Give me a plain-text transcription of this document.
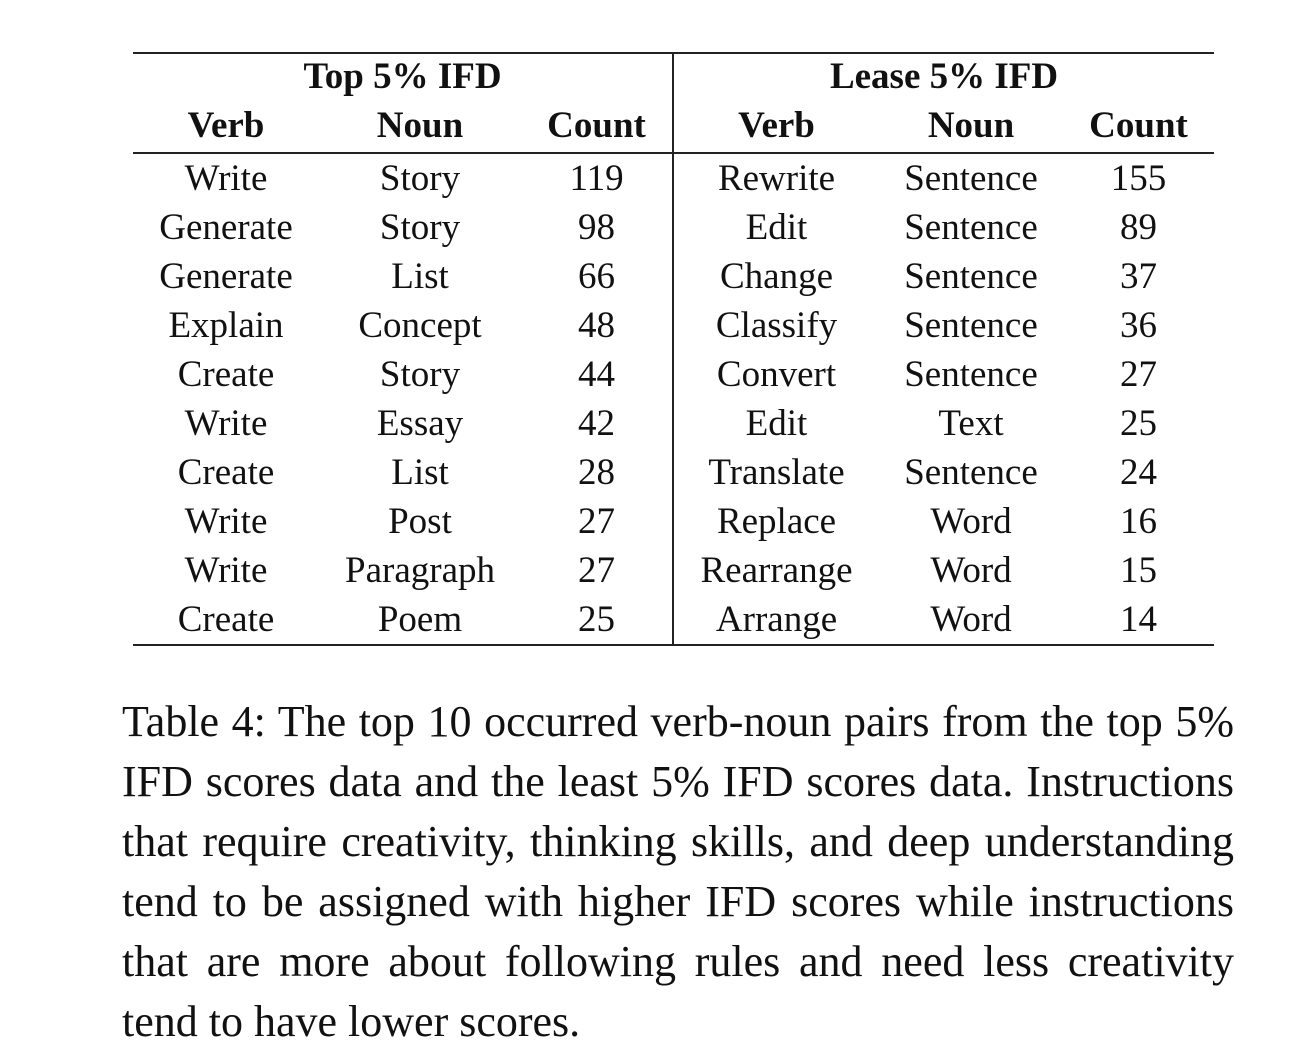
Top 5% IFD			Lease 5% IFD		
Verb	Noun	Count	Verb	Noun	Count
Write	Story	119	Rewrite	Sentence	155
Generate	Story	98	Edit	Sentence	89
Generate	List	66	Change	Sentence	37
Explain	Concept	48	Classify	Sentence	36
Create	Story	44	Convert	Sentence	27
Write	Essay	42	Edit	Text	25
Create	List	28	Translate	Sentence	24
Write	Post	27	Replace	Word	16
Write	Paragraph	27	Rearrange	Word	15
Create	Poem	25	Arrange	Word	14

Table 4: The top 10 occurred verb-noun pairs from the top 5% IFD scores data and the least 5% IFD scores data. Instructions that require creativity, thinking skills, and deep understanding tend to be assigned with higher IFD scores while instructions that are more about following rules and need less creativity tend to have lower scores.
